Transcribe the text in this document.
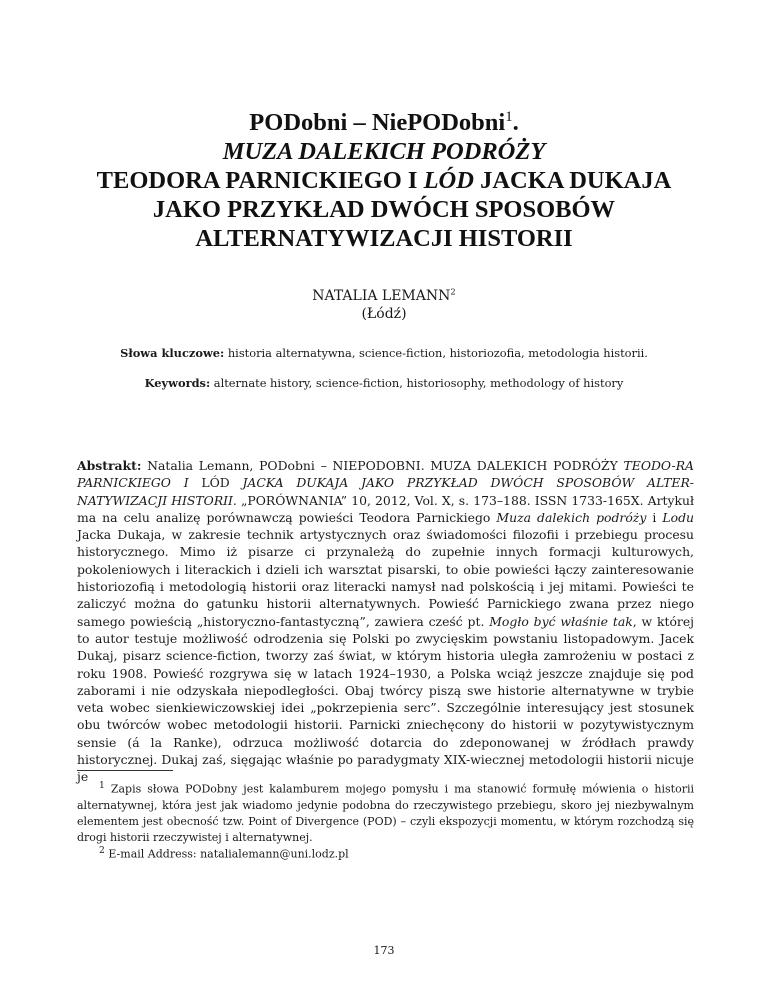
PODobni – NiePODobni$^1$.
MUZA DALEKICH PODRÓŻY
TEODORA PARNICKIEGO I LÓD JACKA DUKAJA
JAKO PRZYKŁAD DWÓCH SPOSOBÓW
ALTERNATYWIZACJI HISTORII
NATALIA LEMANN$^2$
(Łódź)
Słowa kluczowe: historia alternatywna, science-fiction, historiozofia, metodologia historii.
Keywords: alternate history, science-fiction, historiosophy, methodology of history
Abstrakt: Natalia Lemann, PODobni – NIEPODOBNI. MUZA DALEKICH PODRÓŻY TEODO-RA PARNICKIEGO I LÓD JACKA DUKAJA JAKO PRZYKŁAD DWÓCH SPOSOBÓW ALTER-NATYWIZACJI HISTORII. „PORÓWNANIA” 10, 2012, Vol. X, s. 173–188. ISSN 1733-165X. Artykuł ma na celu analizę porównawczą powieści Teodora Parnickiego Muza dalekich podróży i Lodu Jacka Dukaja, w zakresie technik artystycznych oraz świadomości filozofii i przebiegu procesu historycznego. Mimo iż pisarze ci przynależą do zupełnie innych formacji kulturowych, pokoleniowych i literackich i dzieli ich warsztat pisarski, to obie powieści łączy zainteresowanie historiozofią i metodologią historii oraz literacki namysł nad polskością i jej mitami. Powieści te zaliczyć można do gatunku historii alternatywnych. Powieść Parnickiego zwana przez niego samego powieścią „historyczno-fantastyczną”, zawiera cześć pt. Mogło być właśnie tak, w której to autor testuje możliwość odrodzenia się Polski po zwycięskim powstaniu listopadowym. Jacek Dukaj, pisarz science-fiction, tworzy zaś świat, w którym historia uległa zamrożeniu w postaci z roku 1908. Powieść rozgrywa się w latach 1924–1930, a Polska wciąż jeszcze znajduje się pod zaborami i nie odzyskała niepodległości. Obaj twórcy piszą swe historie alternatywne w trybie veta wobec sienkiewiczowskiej idei „pokrzepienia serc”. Szczególnie interesujący jest stosunek obu twórców wobec metodologii historii. Parnicki zniechęcony do historii w pozytywistycznym sensie (á la Ranke), odrzuca możliwość dotarcia do zdeponowanej w źródłach prawdy historycznej. Dukaj zaś, sięgając właśnie po paradygmaty XIX-wiecznej metodologii historii nicuje je
$^1$ Zapis słowa PODobny jest kalamburem mojego pomysłu i ma stanowić formułę mówienia o historii alternatywnej, która jest jak wiadomo jedynie podobna do rzeczywistego przebiegu, skoro jej niezbywalnym elementem jest obecność tzw. Point of Divergence (POD) – czyli ekspozycji momentu, w którym rozchodzą się drogi historii rzeczywistej i alternatywnej.
$^2$ E-mail Address: natalialemann@uni.lodz.pl
173
